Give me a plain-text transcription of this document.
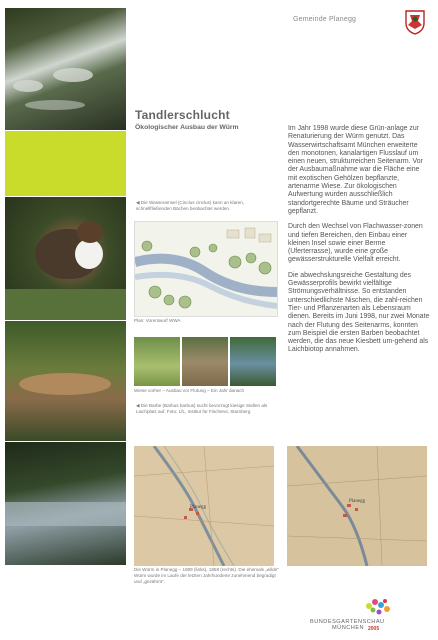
·
Gemeinde Planegg
Tandlerschlucht
Ökologischer Ausbau der Würm
◀ Die Wasseramsel (Cinclus cinclus) kann an klaren, schnellfließenden Bächen beobachtet werden.
Plan: Vorentwurf WWA
Wiese vorher – Ausbau vor Flutung – Ein Jahr danach
◀ Die Barbe (Barbus barbus) sucht bevorzugt kiesige Stellen als Laichplatz auf. Foto: LfL, Institut für Fischerei, Starnberg
Planegg
Planegg
Die Würm in Planegg – 1809 (links), 1858 (rechts). Die ehemals „wilde“ Würm wurde im Laufe der letzten Jahrhunderte zunehmend begradigt und „gezähmt“.

Im Jahr 1998 wurde diese Grün-anlage zur Renaturierung der Würm genutzt. Das Wasserwirtschaftsamt München erweiterte den monotonen, kanalartigen Flusslauf um einen neuen, strukturreichen Seitenarm. Vor der Ausbaumaßnahme war die Fläche eine mit exotischen Gehölzen bepflanzte, artenarme Wiese. Zur ökologischen Aufwertung wurden ausschließlich standortgerechte Bäume und Sträucher gepflanzt.

Durch den Wechsel von Flachwasser-zonen und tiefen Bereichen, den Einbau einer kleinen Insel sowie einer Berme (Uferterrasse), wurde eine große gewässerstrukturelle Vielfalt erreicht.

Die abwechslungsreiche Gestaltung des Gewässerprofils bewirkt vielfältige Strömungsverhältnisse. So entstanden unterschiedlichste Nischen, die zahl-reichen Tier- und Pflanzenarten als Lebensraum dienen. Bereits im Juni 1998, nur zwei Monate nach der Flutung des Seitenarms, konnten zum Beispiel die ersten Barben beobachtet werden, die das neue Kiesbett um-gehend als Laichbiotop annahmen.

BUNDESGARTENSCHAU MÜNCHEN 2005
